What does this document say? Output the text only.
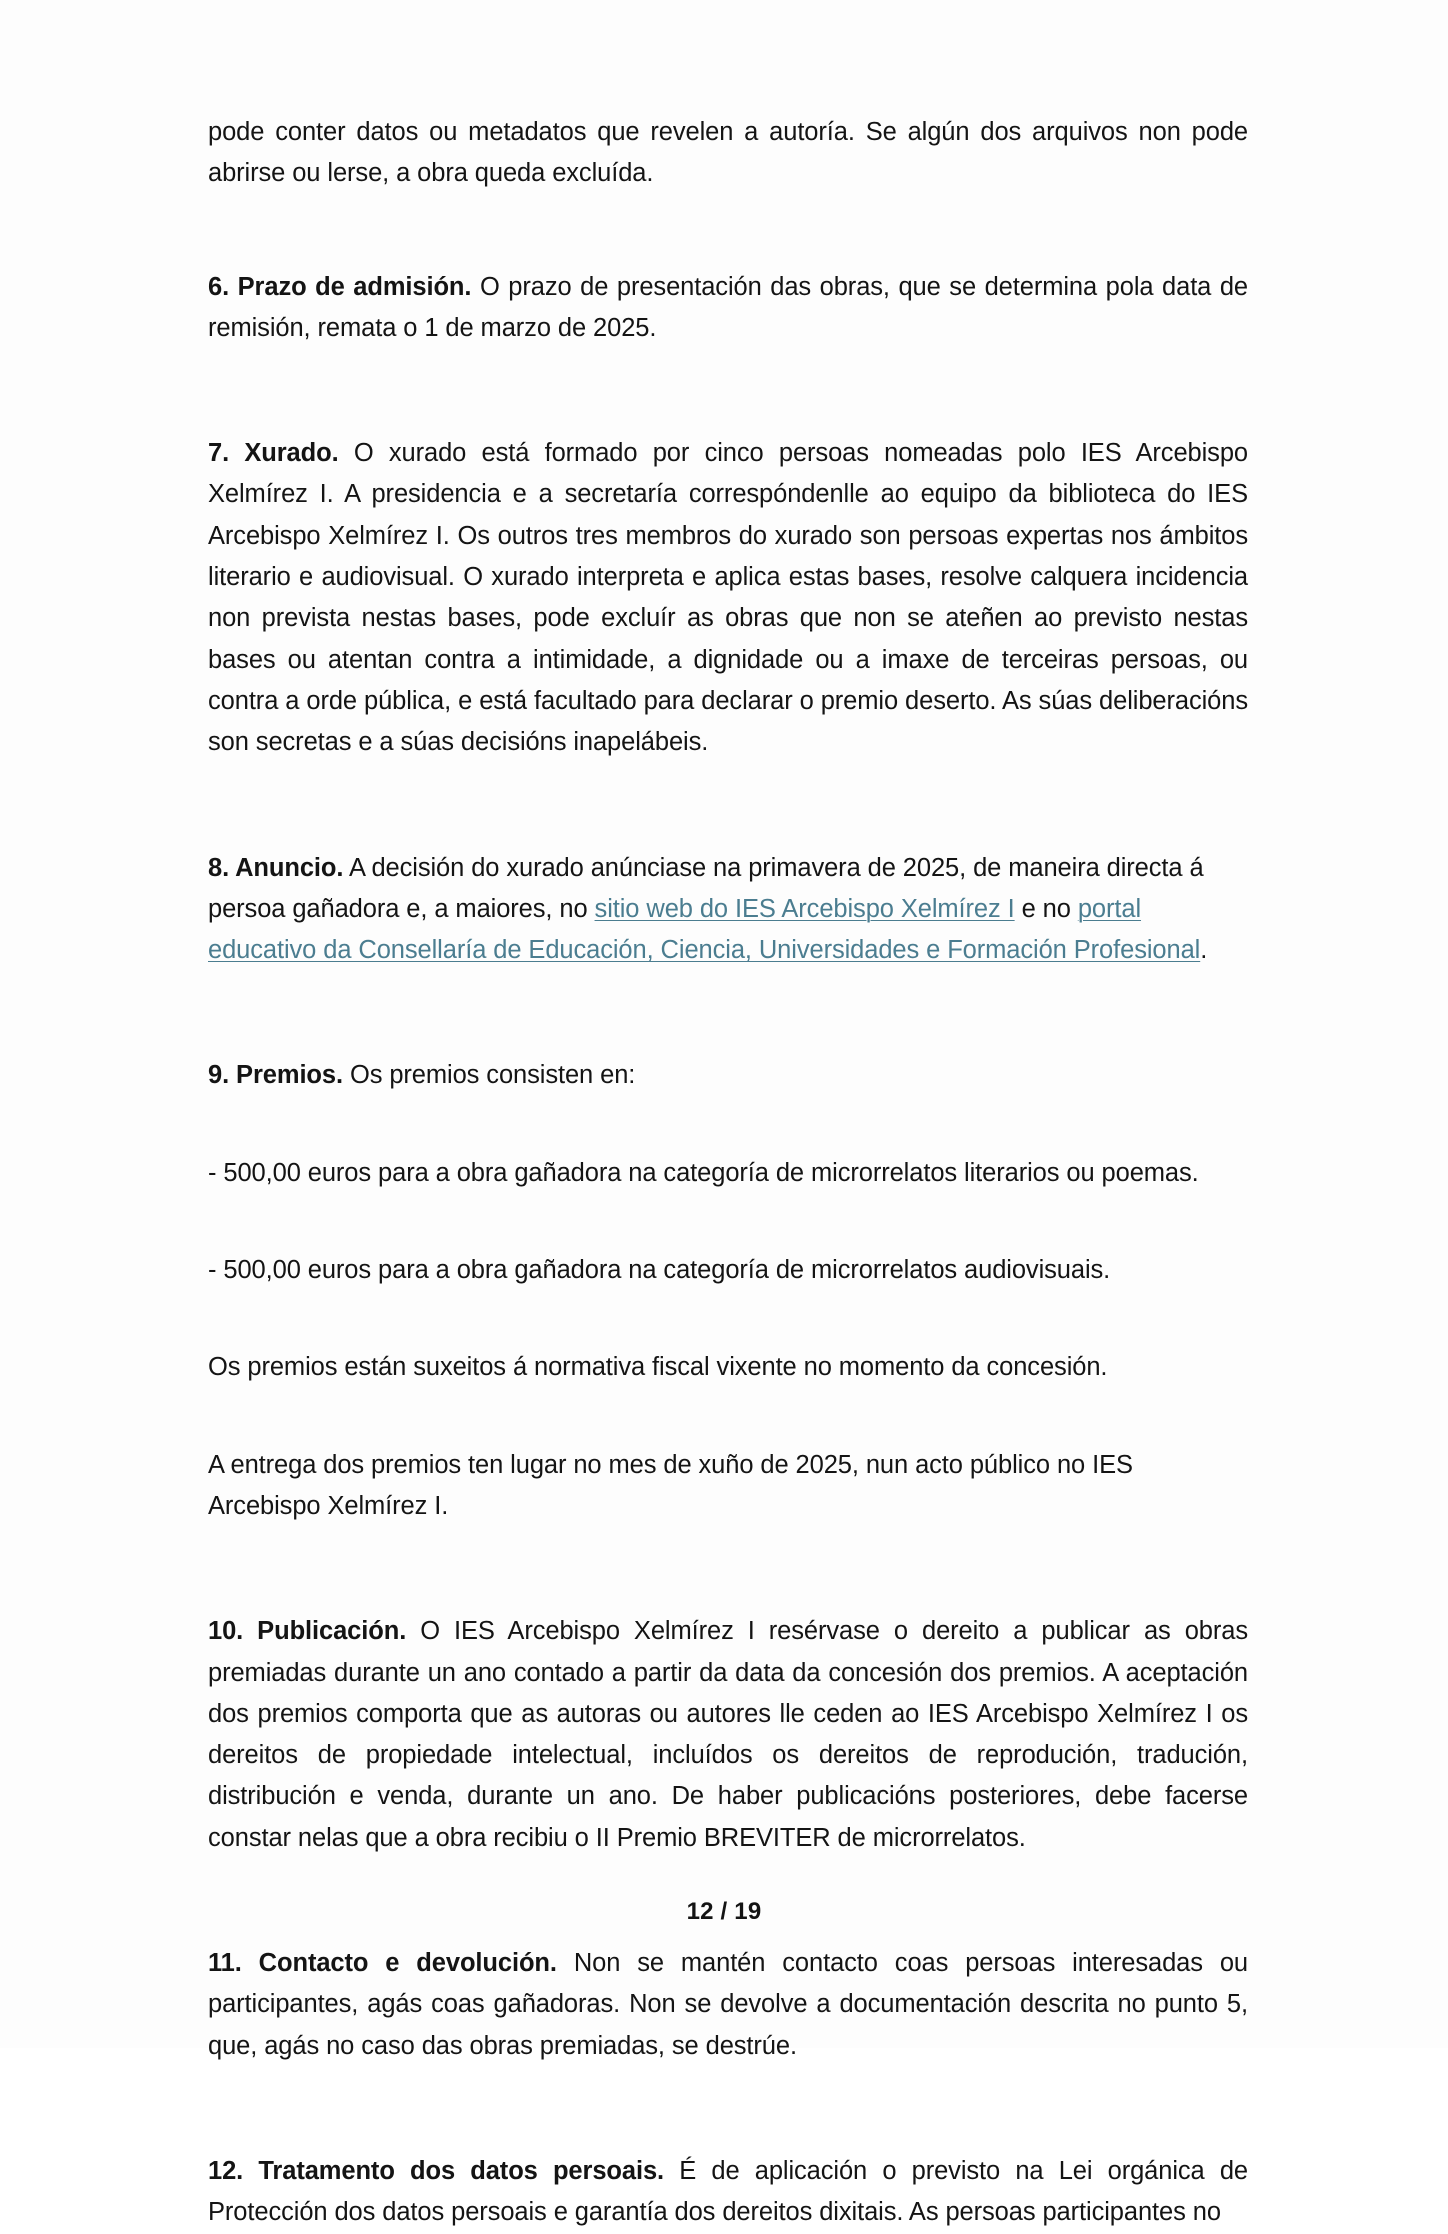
pode conter datos ou metadatos que revelen a autoría. Se algún dos arquivos non pode abrirse ou lerse, a obra queda excluída.

6. Prazo de admisión. O prazo de presentación das obras, que se determina pola data de remisión, remata o 1 de marzo de 2025.

7. Xurado. O xurado está formado por cinco persoas nomeadas polo IES Arcebispo Xelmírez I. A presidencia e a secretaría correspóndenlle ao equipo da biblioteca do IES Arcebispo Xelmírez I. Os outros tres membros do xurado son persoas expertas nos ámbitos literario e audiovisual. O xurado interpreta e aplica estas bases, resolve calquera incidencia non prevista nestas bases, pode excluír as obras que non se ateñen ao previsto nestas bases ou atentan contra a intimidade, a dignidade ou a imaxe de terceiras persoas, ou contra a orde pública, e está facultado para declarar o premio deserto. As súas deliberacións son secretas e a súas decisións inapelábeis.

8. Anuncio. A decisión do xurado anúnciase na primavera de 2025, de maneira directa á persoa gañadora e, a maiores, no sitio web do IES Arcebispo Xelmírez I e no portal educativo da Consellaría de Educación, Ciencia, Universidades e Formación Profesional.

9. Premios. Os premios consisten en:

- 500,00 euros para a obra gañadora na categoría de microrrelatos literarios ou poemas.

- 500,00 euros para a obra gañadora na categoría de microrrelatos audiovisuais.

Os premios están suxeitos á normativa fiscal vixente no momento da concesión.

A entrega dos premios ten lugar no mes de xuño de 2025, nun acto público no IES Arcebispo Xelmírez I.

10. Publicación. O IES Arcebispo Xelmírez I resérvase o dereito a publicar as obras premiadas durante un ano contado a partir da data da concesión dos premios. A aceptación dos premios comporta que as autoras ou autores lle ceden ao IES Arcebispo Xelmírez I os dereitos de propiedade intelectual, incluídos os dereitos de reprodución, tradución, distribución e venda, durante un ano. De haber publicacións posteriores, debe facerse constar nelas que a obra recibiu o II Premio BREVITER de microrrelatos.

11. Contacto e devolución. Non se mantén contacto coas persoas interesadas ou participantes, agás coas gañadoras. Non se devolve a documentación descrita no punto 5, que, agás no caso das obras premiadas, se destrúe.

12. Tratamento dos datos persoais. É de aplicación o previsto na Lei orgánica de Protección dos datos persoais e garantía dos dereitos dixitais. As persoas participantes no

12 / 19
